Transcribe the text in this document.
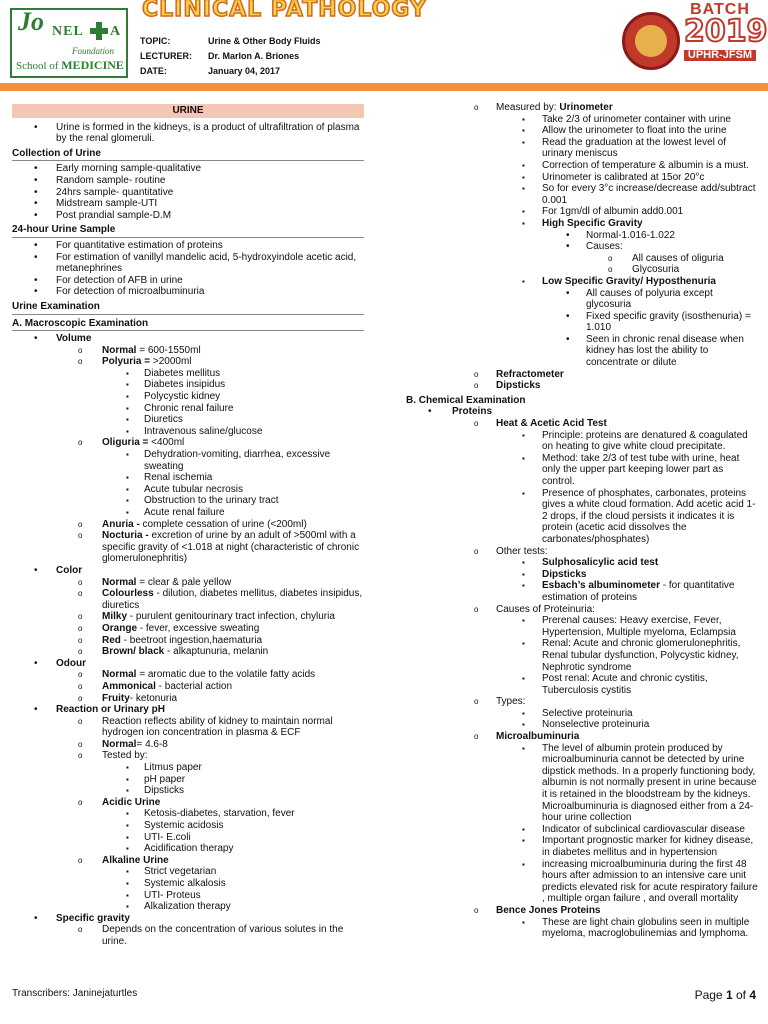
Jo NEL A
Foundation
School of MEDICINE
CLINICAL PATHOLOGY
TOPIC:	Urine & Other Body Fluids
LECTURER:	Dr. Marlon A. Briones
DATE:	January 04, 2017
BATCH
2019
UPHR-JFSM
URINE
• Urine is formed in the kidneys, is a product of ultrafiltration of plasma by the renal glomeruli.
Collection of Urine
• Early morning sample-qualitative
• Random sample- routine
• 24hrs sample- quantitative
• Midstream sample-UTI
• Post prandial sample-D.M
24-hour Urine Sample
• For quantitative estimation of proteins
• For estimation of vanillyl mandelic acid, 5-hydroxyindole acetic acid, metanephrines
• For detection of AFB in urine
• For detection of microalbuminuria
Urine Examination
A. Macroscopic Examination
• Volume
o Normal = 600-1550ml
o Polyuria = >2000ml
▪ Diabetes mellitus
▪ Diabetes insipidus
▪ Polycystic kidney
▪ Chronic renal failure
▪ Diuretics
▪ Intravenous saline/glucose
o Oliguria = <400ml
▪ Dehydration-vomiting, diarrhea, excessive sweating
▪ Renal ischemia
▪ Acute tubular necrosis
▪ Obstruction to the urinary tract
▪ Acute renal failure
o Anuria - complete cessation of urine (<200ml)
o Nocturia - excretion of urine by an adult of >500ml with a specific gravity of <1.018 at night (characteristic of chronic glomerulonephritis)
• Color
o Normal = clear & pale yellow
o Colourless - dilution, diabetes mellitus, diabetes insipidus, diuretics
o Milky - purulent genitourinary tract infection, chyluria
o Orange - fever, excessive sweating
o Red - beetroot ingestion,haematuria
o Brown/ black - alkaptunuria, melanin
• Odour
o Normal = aromatic due to the volatile fatty acids
o Ammonical - bacterial action
o Fruity- ketonuria
• Reaction or Urinary pH
o Reaction reflects ability of kidney to maintain normal hydrogen ion concentration in plasma & ECF
o Normal= 4.6-8
o Tested by:
▪ Litmus paper
▪ pH paper
▪ Dipsticks
o Acidic Urine
▪ Ketosis-diabetes, starvation, fever
▪ Systemic acidosis
▪ UTI- E.coli
▪ Acidification therapy
o Alkaline Urine
▪ Strict vegetarian
▪ Systemic alkalosis
▪ UTI- Proteus
▪ Alkalization therapy
• Specific gravity
o Depends on the concentration of various solutes in the urine.
o Measured by: Urinometer
▪ Take 2/3 of urinometer container with urine
▪ Allow the urinometer to float into the urine
▪ Read the graduation at the lowest level of urinary meniscus
▪ Correction of temperature & albumin is a must.
▪ Urinometer is calibrated at 15or 20°c
▪ So for every 3°c increase/decrease add/subtract 0.001
▪ For 1gm/dl of albumin add0.001
▪ High Specific Gravity
• Normal-1.016-1.022
• Causes:
o All causes of oliguria
o Glycosuria
▪ Low Specific Gravity/ Hyposthenuria
• All causes of polyuria except glycosuria
• Fixed specific gravity (isosthenuria) = 1.010
• Seen in chronic renal disease when kidney has lost the ability to concentrate or dilute
o Refractometer
o Dipsticks
B. Chemical Examination
• Proteins
o Heat & Acetic Acid Test
▪ Principle: proteins are denatured & coagulated on heating to give white cloud precipitate.
▪ Method: take 2/3 of test tube with urine, heat only the upper part keeping lower part as control.
▪ Presence of phosphates, carbonates, proteins gives a white cloud formation. Add acetic acid 1-2 drops, if the cloud persists it indicates it is protein (acetic acid dissolves the carbonates/phosphates)
o Other tests:
▪ Sulphosalicylic acid test
▪ Dipsticks
▪ Esbach’s albuminometer - for quantitative estimation of proteins
o Causes of Proteinuria:
▪ Prerenal causes: Heavy exercise, Fever, Hypertension, Multiple myeloma, Eclampsia
▪ Renal: Acute and chronic glomerulonephritis, Renal tubular dysfunction, Polycystic kidney, Nephrotic syndrome
▪ Post renal: Acute and chronic cystitis, Tuberculosis cystitis
o Types:
▪ Selective proteinuria
▪ Nonselective proteinuria
o Microalbuminuria
▪ The level of albumin protein produced by microalbuminuria cannot be detected by urine dipstick methods. In a properly functioning body, albumin is not normally present in urine because it is retained in the bloodstream by the kidneys. Microalbuminuria is diagnosed either from a 24-hour urine collection
▪ Indicator of subclinical cardiovascular disease
▪ Important prognostic marker for kidney disease, in diabetes mellitus and in hypertension
▪ increasing microalbuminuria during the first 48 hours after admission to an intensive care unit predicts elevated risk for acute respiratory failure , multiple organ failure , and overall mortality
o Bence Jones Proteins
▪ These are light chain globulins seen in multiple myeloma, macroglobulinemias and lymphoma.
Transcribers: Janinejaturtles	Page 1 of 4
